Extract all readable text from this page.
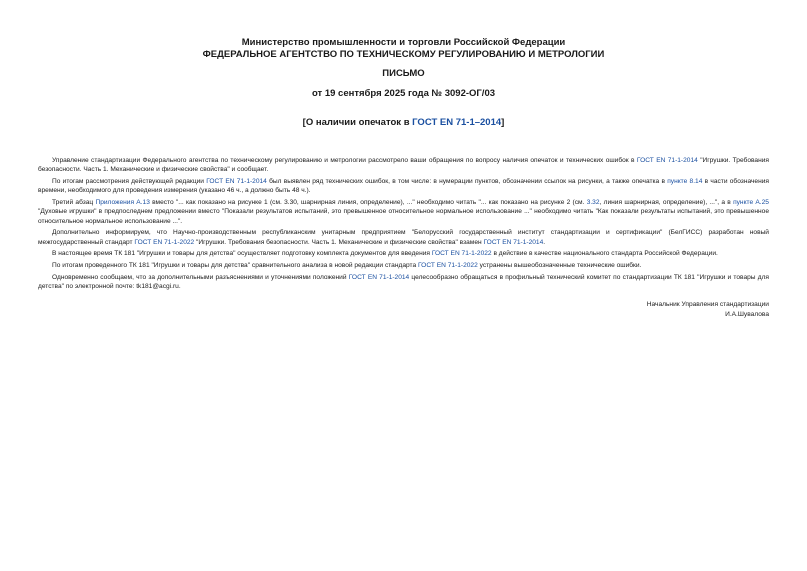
Министерство промышленности и торговли Российской Федерации
ФЕДЕРАЛЬНОЕ АГЕНТСТВО ПО ТЕХНИЧЕСКОМУ РЕГУЛИРОВАНИЮ И МЕТРОЛОГИИ
ПИСЬМО
от 19 сентября 2025 года № 3092-ОГ/03
[О наличии опечаток в ГОСТ EN 71-1–2014]

Управление стандартизации Федерального агентства по техническому регулированию и метрологии рассмотрело ваши обращения по вопросу наличия опечаток и технических ошибок в ГОСТ EN 71-1-2014 "Игрушки. Требования безопасности. Часть 1. Механические и физические свойства" и сообщает.

По итогам рассмотрения действующей редакции ГОСТ EN 71-1-2014 был выявлен ряд технических ошибок, в том числе: в нумерации пунктов, обозначении ссылок на рисунки, а также опечатка в пункте 8.14 в части обозначения времени, необходимого для проведения измерения (указано 46 ч., а должно быть 48 ч.).

Третий абзац Приложения А.13 вместо "... как показано на рисунке 1 (см. 3.30, шарнирная линия, определение), ..." необходимо читать "... как показано на рисунке 2 (см. 3.32, линия шарнирная, определение), ...", а в пункте А.25 "Духовые игрушки" в предпоследнем предложении вместо "Показали результатов испытаний, это превышенное относительное нормальное использование ..." необходимо читать "Как показали результаты испытаний, это превышенное относительное нормальное использование ...".

Дополнительно информируем, что Научно-производственным республиканским унитарным предприятием "Белорусский государственный институт стандартизации и сертификации" (БелГИСС) разработан новый межгосударственный стандарт ГОСТ EN 71-1-2022 "Игрушки. Требования безопасности. Часть 1. Механические и физические свойства" взамен ГОСТ EN 71-1-2014.

В настоящее время ТК 181 "Игрушки и товары для детства" осуществляет подготовку комплекта документов для введения ГОСТ EN 71-1-2022 в действие в качестве национального стандарта Российской Федерации.

По итогам проведенного ТК 181 "Игрушки и товары для детства" сравнительного анализа в новой редакции стандарта ГОСТ EN 71-1-2022 устранены вышеобозначенные технические ошибки.

Одновременно сообщаем, что за дополнительными разъяснениями и уточнениями положений ГОСТ EN 71-1-2014 целесообразно обращаться в профильный технический комитет по стандартизации ТК 181 "Игрушки и товары для детства" по электронной почте: tk181@acgi.ru.

Начальник Управления стандартизации
И.А.Шувалова
